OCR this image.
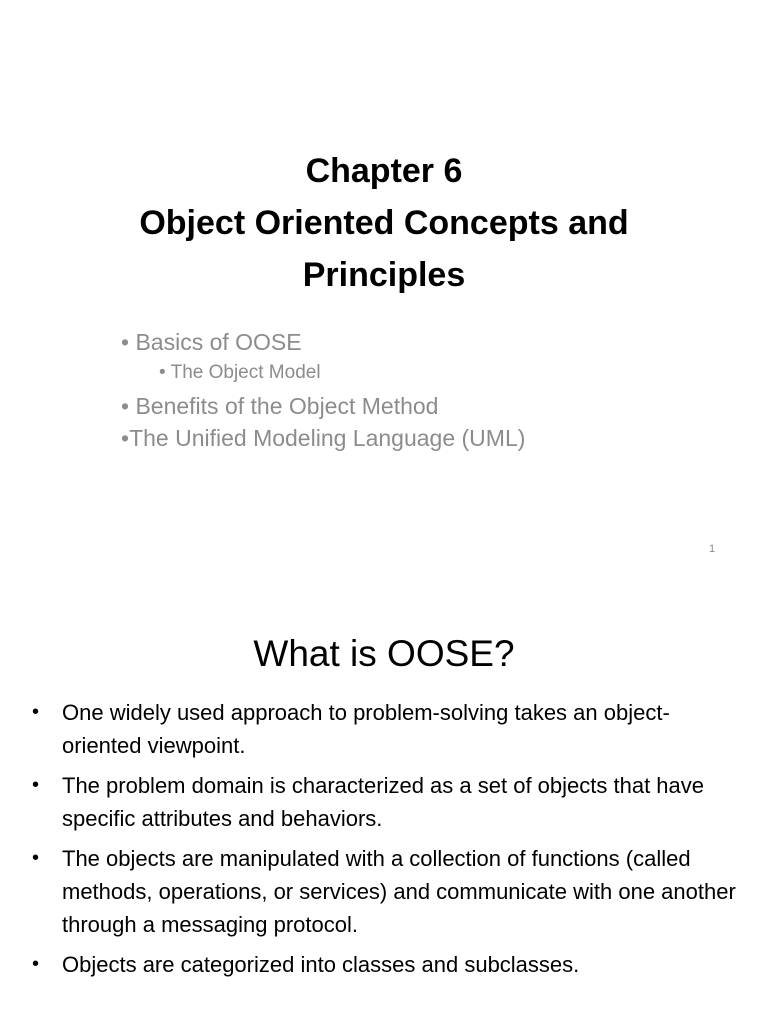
Chapter 6
Object Oriented Concepts and
Principles
• Basics of OOSE
• The Object Model
• Benefits of the Object Method
•The Unified Modeling Language (UML)
1
What is OOSE?
• One widely used approach to problem-solving takes an object-oriented viewpoint.
• The problem domain is characterized as a set of objects that have specific attributes and behaviors.
• The objects are manipulated with a collection of functions (called methods, operations, or services) and communicate with one another through a messaging protocol.
• Objects are categorized into classes and subclasses.
